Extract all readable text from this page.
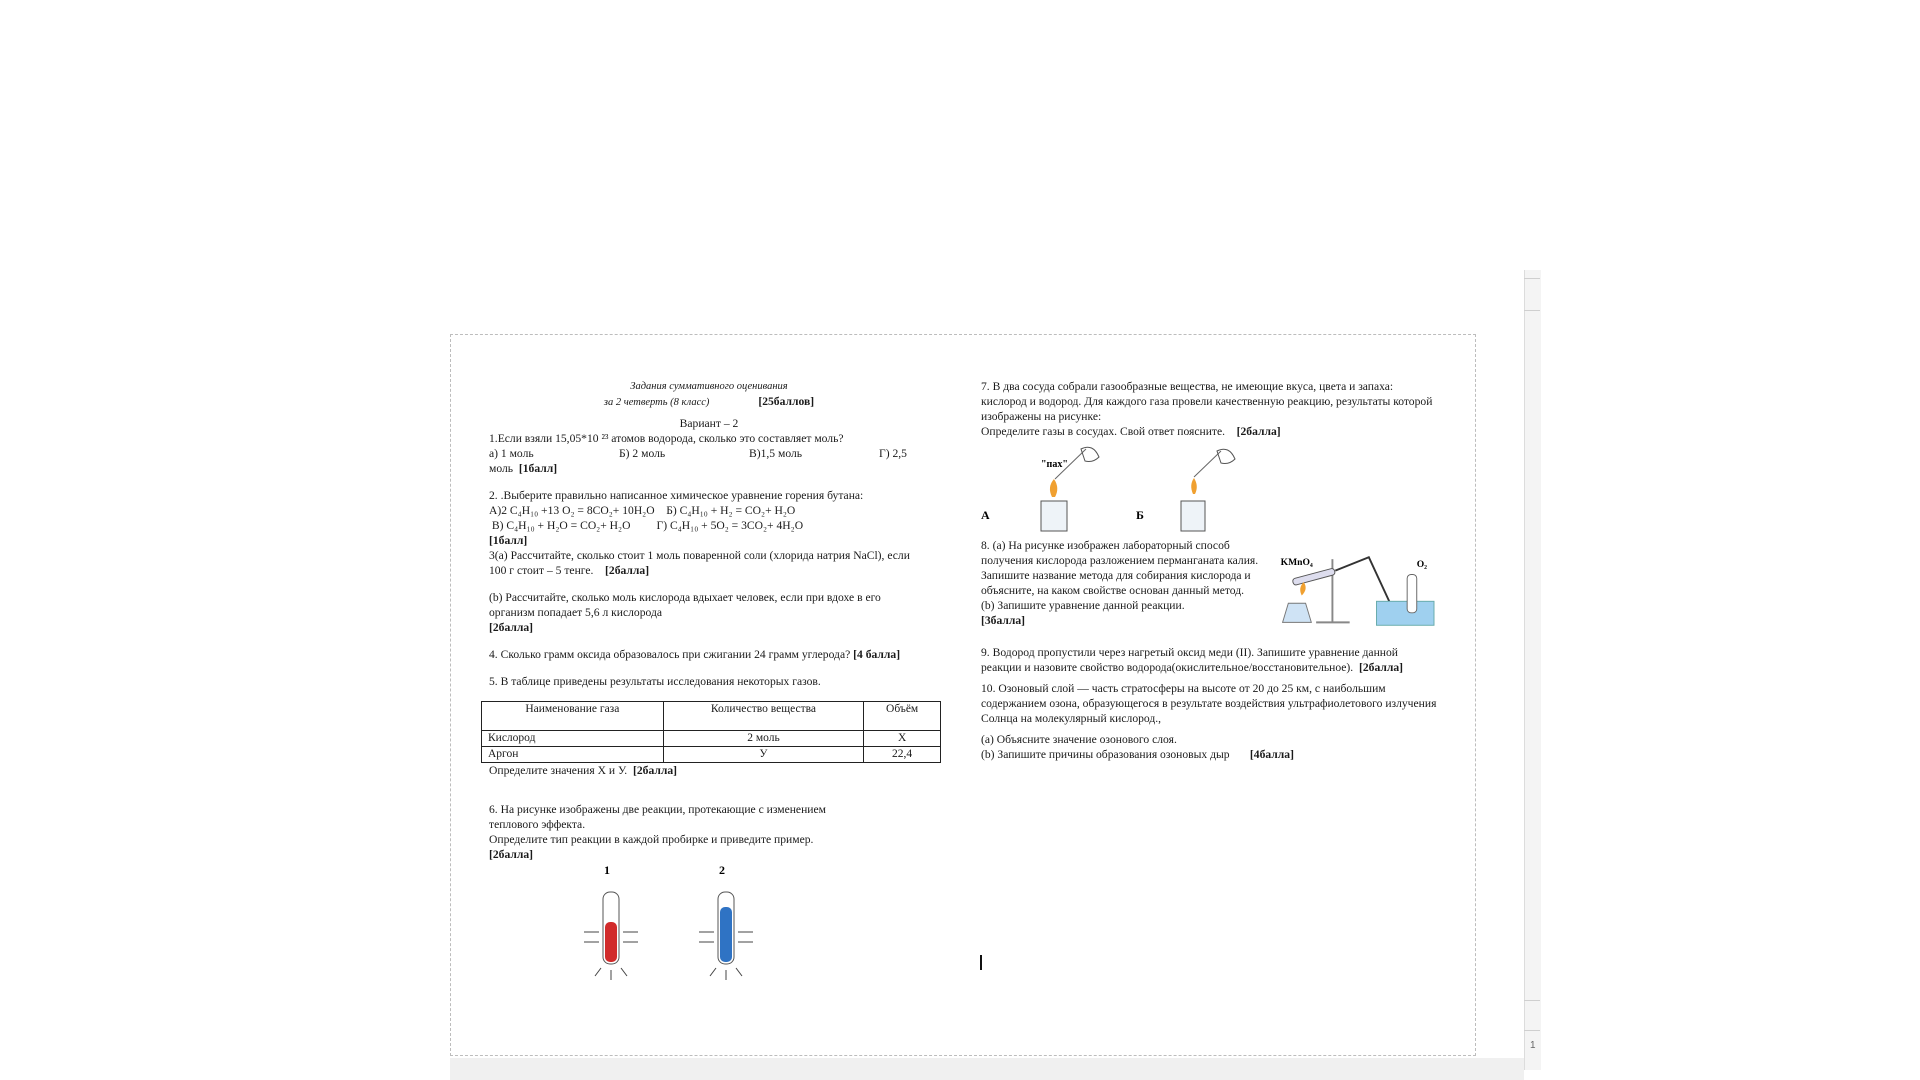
1

Задания суммативного оценивания

за 2 четверть (8 класс)	[25баллов]

Вариант – 2

1.Если взяли 15,05*10 ²³ атомов водорода, сколько это составляет моль?

а) 1 моль	Б) 2 моль	В)1,5 моль	Г) 2,5

моль [1балл]

2. .Выберите правильно написанное химическое уравнение горения бутана:

А)2 C₄H₁₀ +13 O₂ = 8CO₂+ 10H₂O    Б) C₄H₁₀ + H₂ = CO₂+ H₂O

В) C₄H₁₀ + H₂O = CO₂+ H₂O         Г) C₄H₁₀ + 5O₂ = 3CO₂+ 4H₂O

[1балл]

3(a) Рассчитайте, сколько стоит 1 моль поваренной соли (хлорида натрия NaCl), если 100 г стоит – 5 тенге. [2балла]

(b) Рассчитайте, сколько моль кислорода вдыхает человек, если при вдохе в его организм попадает 5,6 л кислорода

[2балла]

4. Сколько грамм оксида образовалось при сжигании 24 грамм углерода? [4 балла]

5. В таблице приведены результаты исследования некоторых газов.

Наименование газа	Количество вещества	Объём
Кислород	2 моль	X
Аргон	У	22,4

Определите значения X и У. [2балла]

6. На рисунке изображены две реакции, протекающие с изменением

теплового эффекта.

Определите тип реакции в каждой пробирке и приведите пример.

[2балла]

1	2

7. В два сосуда собрали газообразные вещества, не имеющие вкуса, цвета и запаха: кислород и водород. Для каждого газа провели качественную реакцию, результаты которой изображены на рисунке:

Определите газы в сосудах. Свой ответ поясните. [2балла]

"пах"
А	Б

8. (a) На рисунке изображен лабораторный способ получения кислорода разложением перманганата калия.

Запишите название метода для собирания кислорода и объясните, на каком свойстве основан данный метод.

(b) Запишите уравнение данной реакции.

[3балла]

KMnO₄	O₂

9. Водород пропустили через нагретый оксид меди (II). Запишите уравнение данной реакции и назовите свойство водорода(окислительное/восстановительное). [2балла]

10. Озоновый слой — часть стратосферы на высоте от 20 до 25 км, с наибольшим содержанием озона, образующегося в результате воздействия ультрафиолетового излучения Солнца на молекулярный кислород.,

(a) Объясните значение озонового слоя.

(b) Запишите причины образования озоновых дыр [4балла]
